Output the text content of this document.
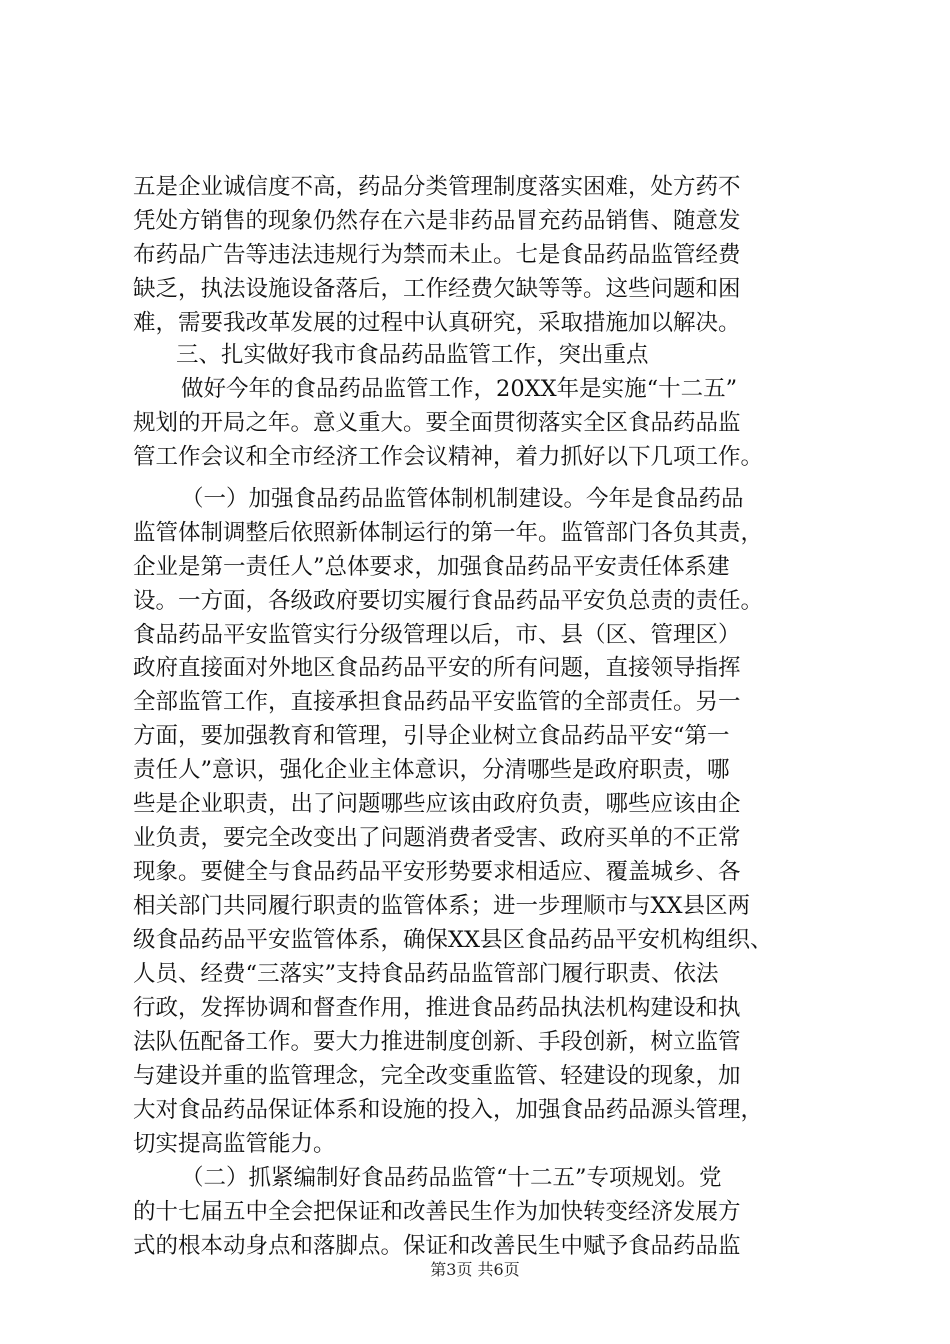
五是企业诚信度不高，药品分类管理制度落实困难，处方药不
凭处方销售的现象仍然存在六是非药品冒充药品销售、随意发
布药品广告等违法违规行为禁而未止。七是食品药品监管经费
缺乏，执法设施设备落后，工作经费欠缺等等。这些问题和困
难，需要我改革发展的过程中认真研究，采取措施加以解决。
三、扎实做好我市食品药品监管工作，突出重点
做好今年的食品药品监管工作，20XX年是实施“十二五”
规划的开局之年。意义重大。要全面贯彻落实全区食品药品监
管工作会议和全市经济工作会议精神，着力抓好以下几项工作。
（一）加强食品药品监管体制机制建设。今年是食品药品
监管体制调整后依照新体制运行的第一年。监管部门各负其责，
企业是第一责任人”总体要求，加强食品药品平安责任体系建
设。一方面，各级政府要切实履行食品药品平安负总责的责任。
食品药品平安监管实行分级管理以后，市、县（区、管理区）
政府直接面对外地区食品药品平安的所有问题，直接领导指挥
全部监管工作，直接承担食品药品平安监管的全部责任。另一
方面，要加强教育和管理，引导企业树立食品药品平安“第一
责任人”意识，强化企业主体意识，分清哪些是政府职责，哪
些是企业职责，出了问题哪些应该由政府负责，哪些应该由企
业负责，要完全改变出了问题消费者受害、政府买单的不正常
现象。要健全与食品药品平安形势要求相适应、覆盖城乡、各
相关部门共同履行职责的监管体系；进一步理顺市与XX县区两
级食品药品平安监管体系，确保XX县区食品药品平安机构组织、
人员、经费“三落实”支持食品药品监管部门履行职责、依法
行政，发挥协调和督查作用，推进食品药品执法机构建设和执
法队伍配备工作。要大力推进制度创新、手段创新，树立监管
与建设并重的监管理念，完全改变重监管、轻建设的现象，加
大对食品药品保证体系和设施的投入，加强食品药品源头管理，
切实提高监管能力。
（二）抓紧编制好食品药品监管“十二五”专项规划。党
的十七届五中全会把保证和改善民生作为加快转变经济发展方
式的根本动身点和落脚点。保证和改善民生中赋予食品药品监
第3页 共6页
